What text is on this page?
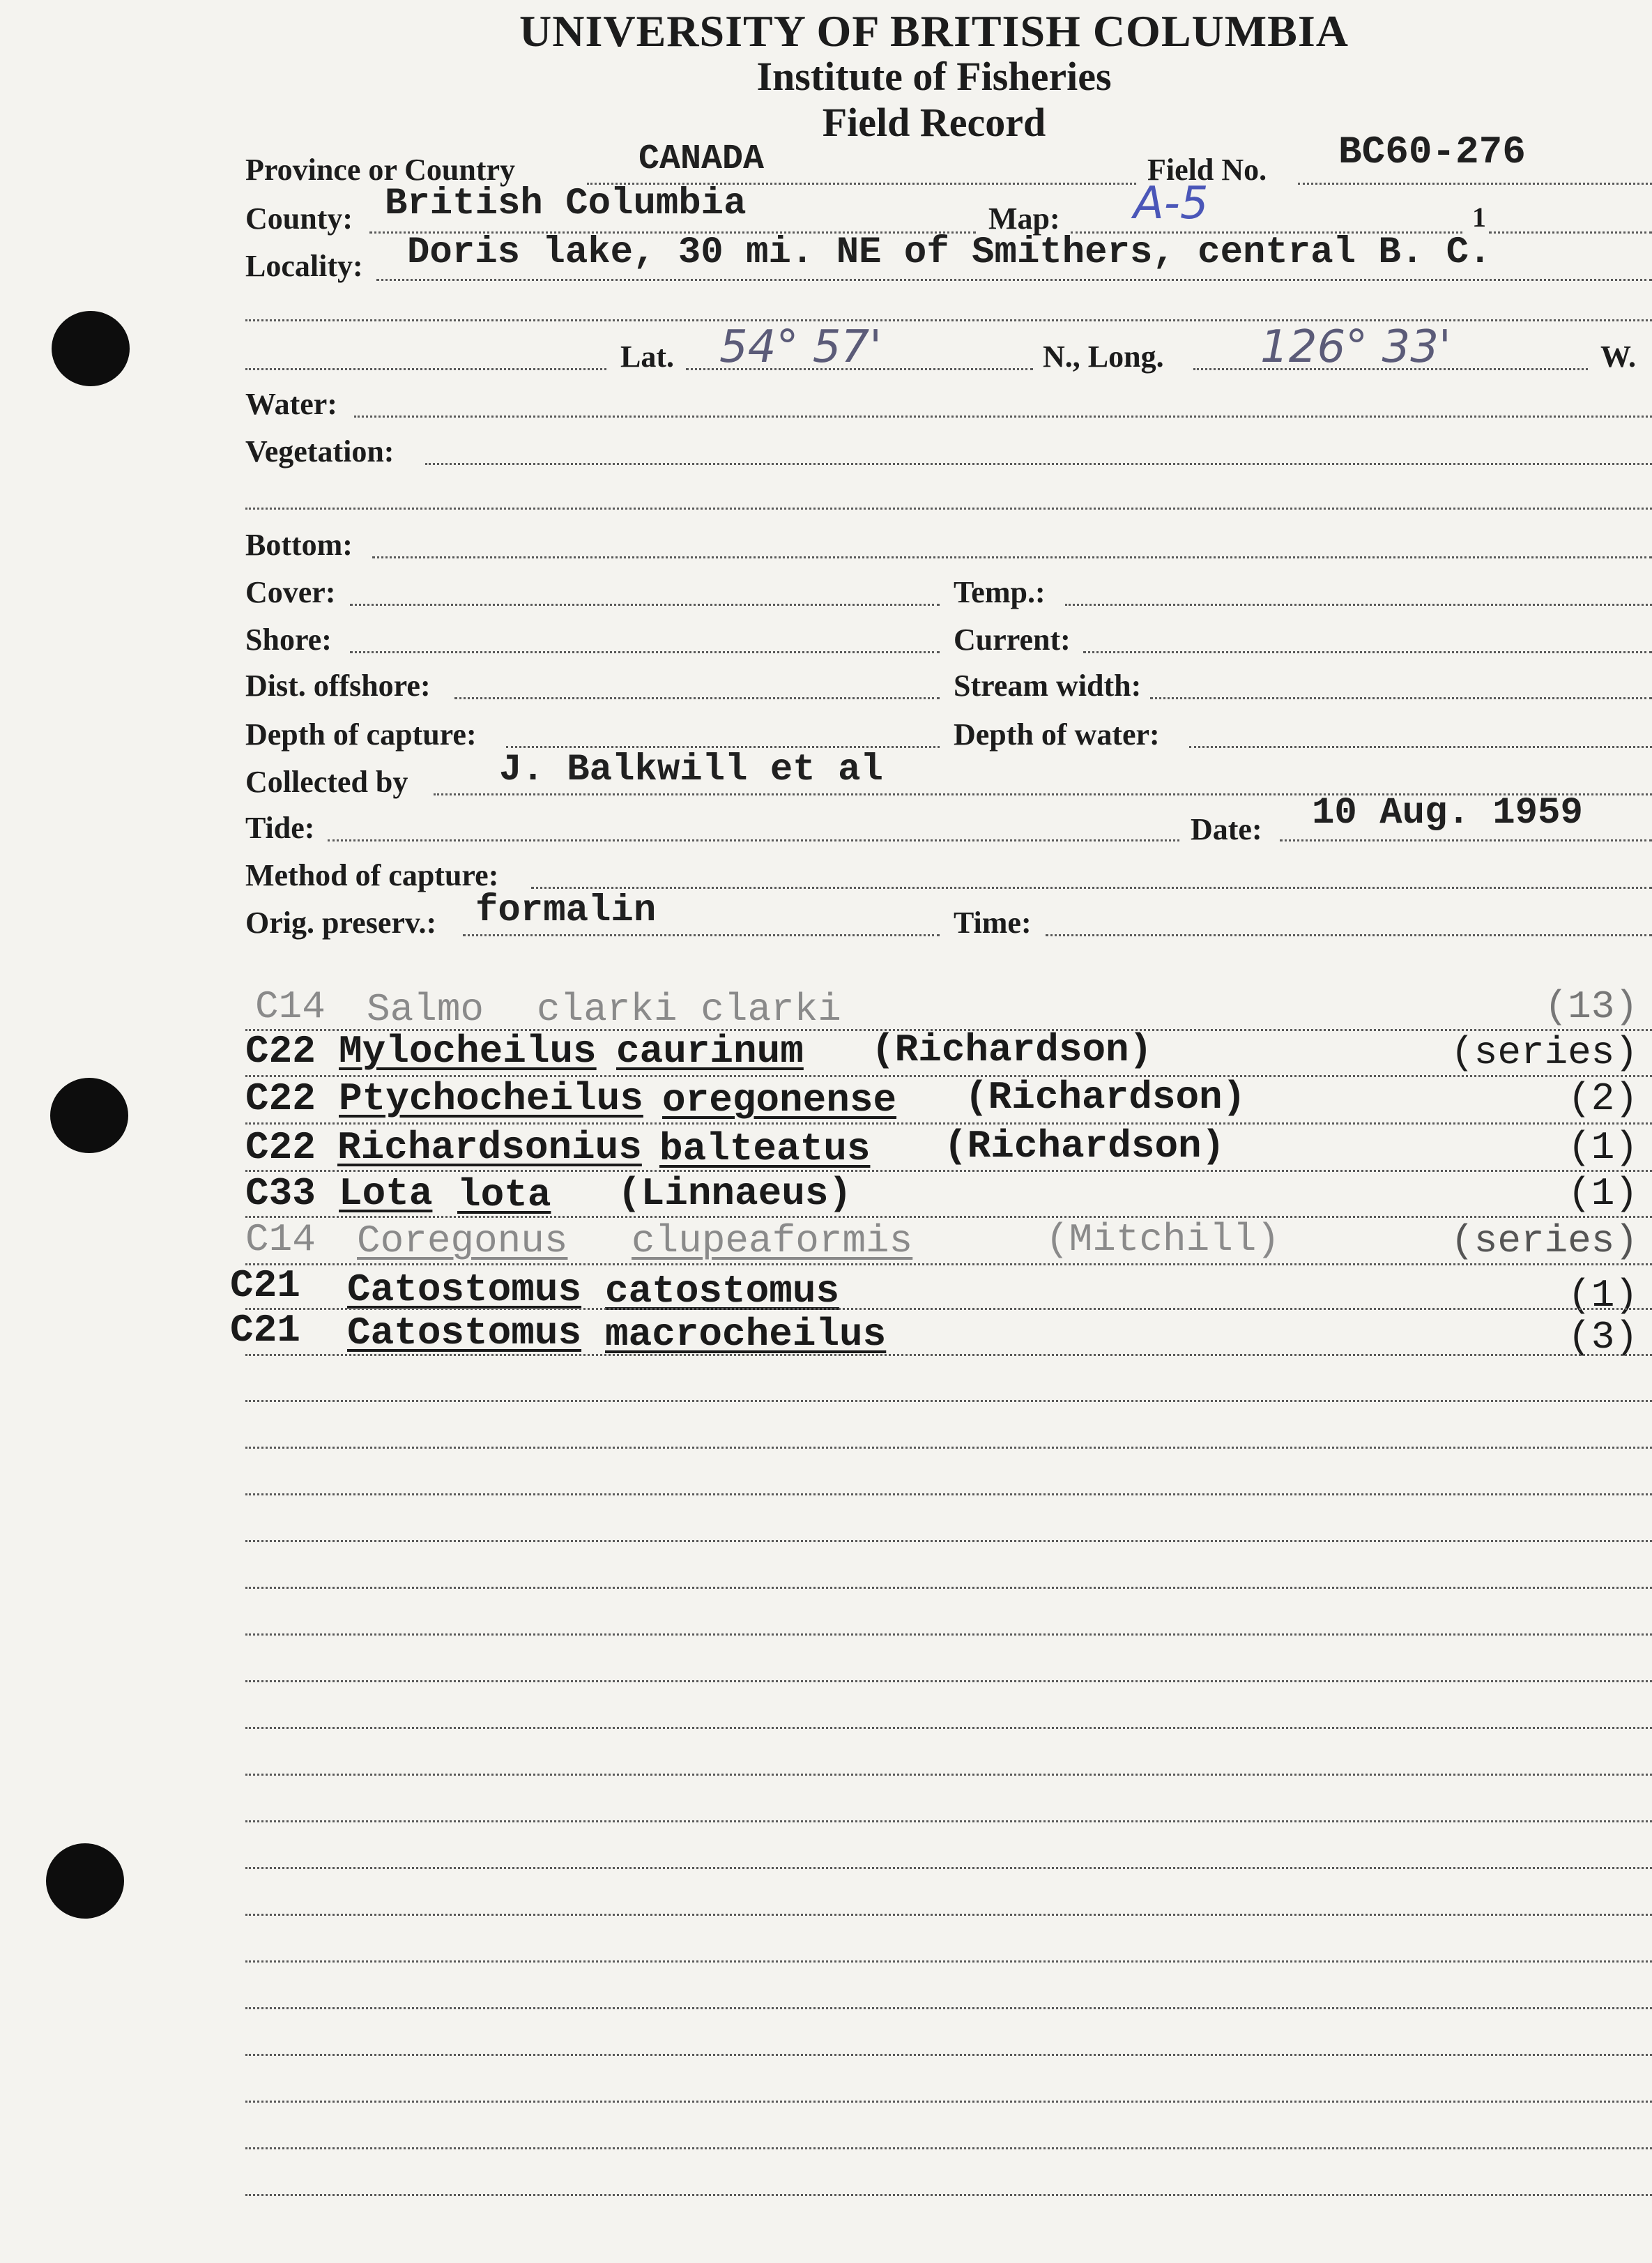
UNIVERSITY OF BRITISH COLUMBIA
Institute of Fisheries
Field Record
Province or Country	CANADA	Field No. BC60-276
County: British Columbia	Map: A-5	1
Locality: Doris lake, 30 mi. NE of Smithers, central B. C.
Lat. 54° 57'	N., Long. 126° 33'	W.
Water:
Vegetation:
Bottom:
Cover:	Temp.:
Shore:	Current:
Dist. offshore:	Stream width:
Depth of capture:	Depth of water:
Collected by J. Balkwill et al
Tide:	Date: 10 Aug. 1959
Method of capture:
Orig. preserv.: formalin	Time:
C14 Salmo clarki clarki	(13)
C22 Mylocheilus caurinum (Richardson)	(series)
C22 Ptychocheilus oregonense (Richardson)	(2)
C22 Richardsonius balteatus (Richardson)	(1)
C33 Lota lota (Linnaeus)	(1)
C14 Coregonus clupeaformis	(Mitchill)	(series)
C21 Catostomus catostomus	(1)
C21 Catostomus macrocheilus	(3)
